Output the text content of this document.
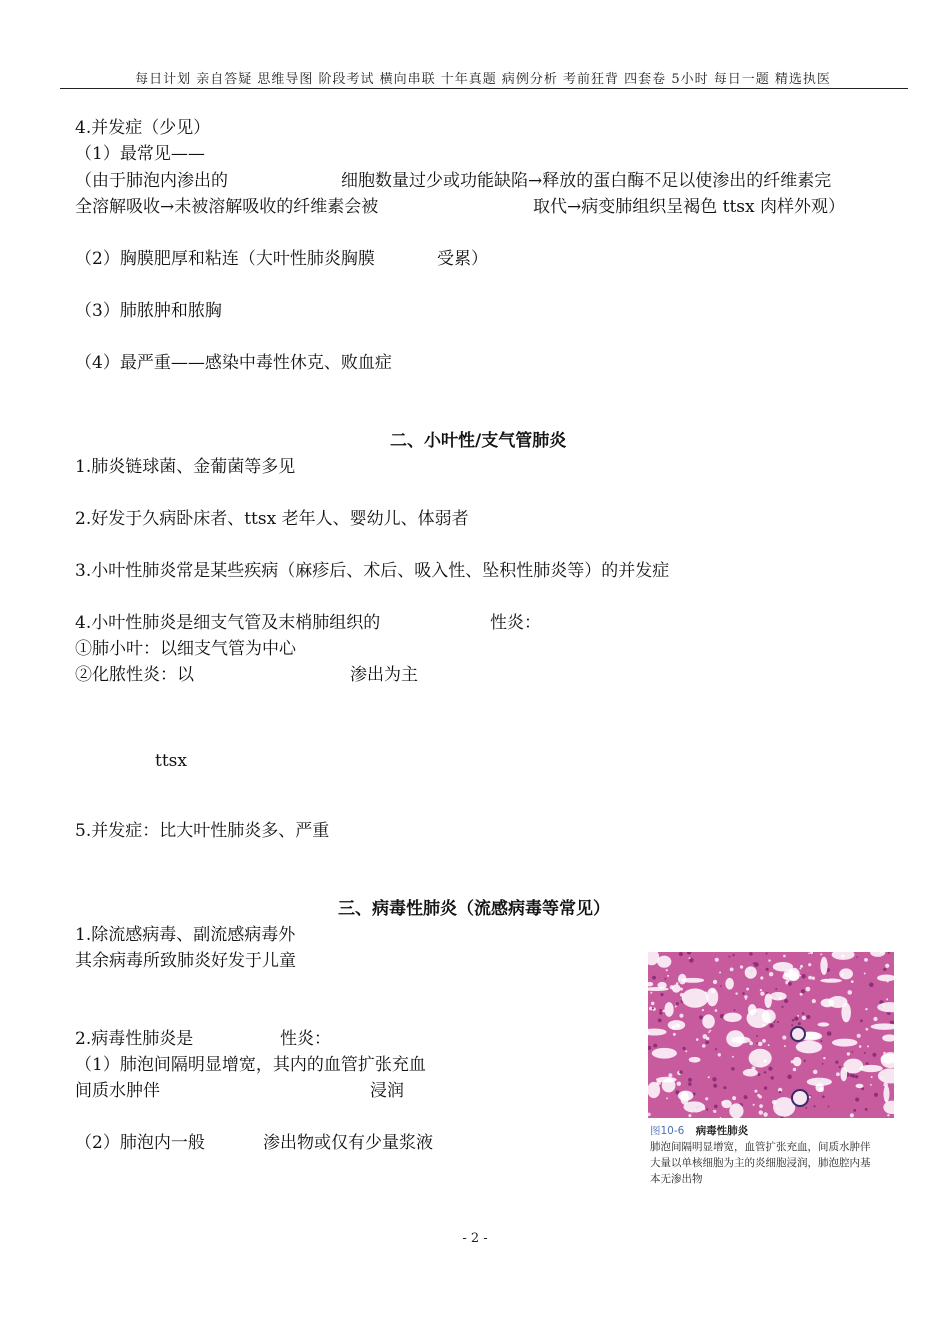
每日计划 亲自答疑 思维导图 阶段考试 横向串联 十年真题 病例分析 考前狂背 四套卷 5小时 每日一题 精选执医
4.并发症（少见）
（1）最常见——
（由于肺泡内渗出的	细胞数量过少或功能缺陷→释放的蛋白酶不足以使渗出的纤维素完
全溶解吸收→未被溶解吸收的纤维素会被	取代→病变肺组织呈褐色 ttsx 肉样外观）
（2）胸膜肥厚和粘连（大叶性肺炎胸膜	受累）
（3）肺脓肿和脓胸
（4）最严重——感染中毒性休克、败血症
二、小叶性/支气管肺炎
1.肺炎链球菌、金葡菌等多见
2.好发于久病卧床者、ttsx 老年人、婴幼儿、体弱者
3.小叶性肺炎常是某些疾病（麻疹后、术后、吸入性、坠积性肺炎等）的并发症
4.小叶性肺炎是细支气管及末梢肺组织的	性炎：
①肺小叶：以细支气管为中心
②化脓性炎：以	渗出为主
ttsx
5.并发症：比大叶性肺炎多、严重
三、病毒性肺炎（流感病毒等常见）
1.除流感病毒、副流感病毒外
其余病毒所致肺炎好发于儿童
2.病毒性肺炎是	性炎：
（1）肺泡间隔明显增宽，其内的血管扩张充血
间质水肿伴	浸润
（2）肺泡内一般	渗出物或仅有少量浆液
图10-6 病毒性肺炎
肺泡间隔明显增宽，血管扩张充血，间质水肿伴
大量以单核细胞为主的炎细胞浸润，肺泡腔内基
本无渗出物
- 2 -
